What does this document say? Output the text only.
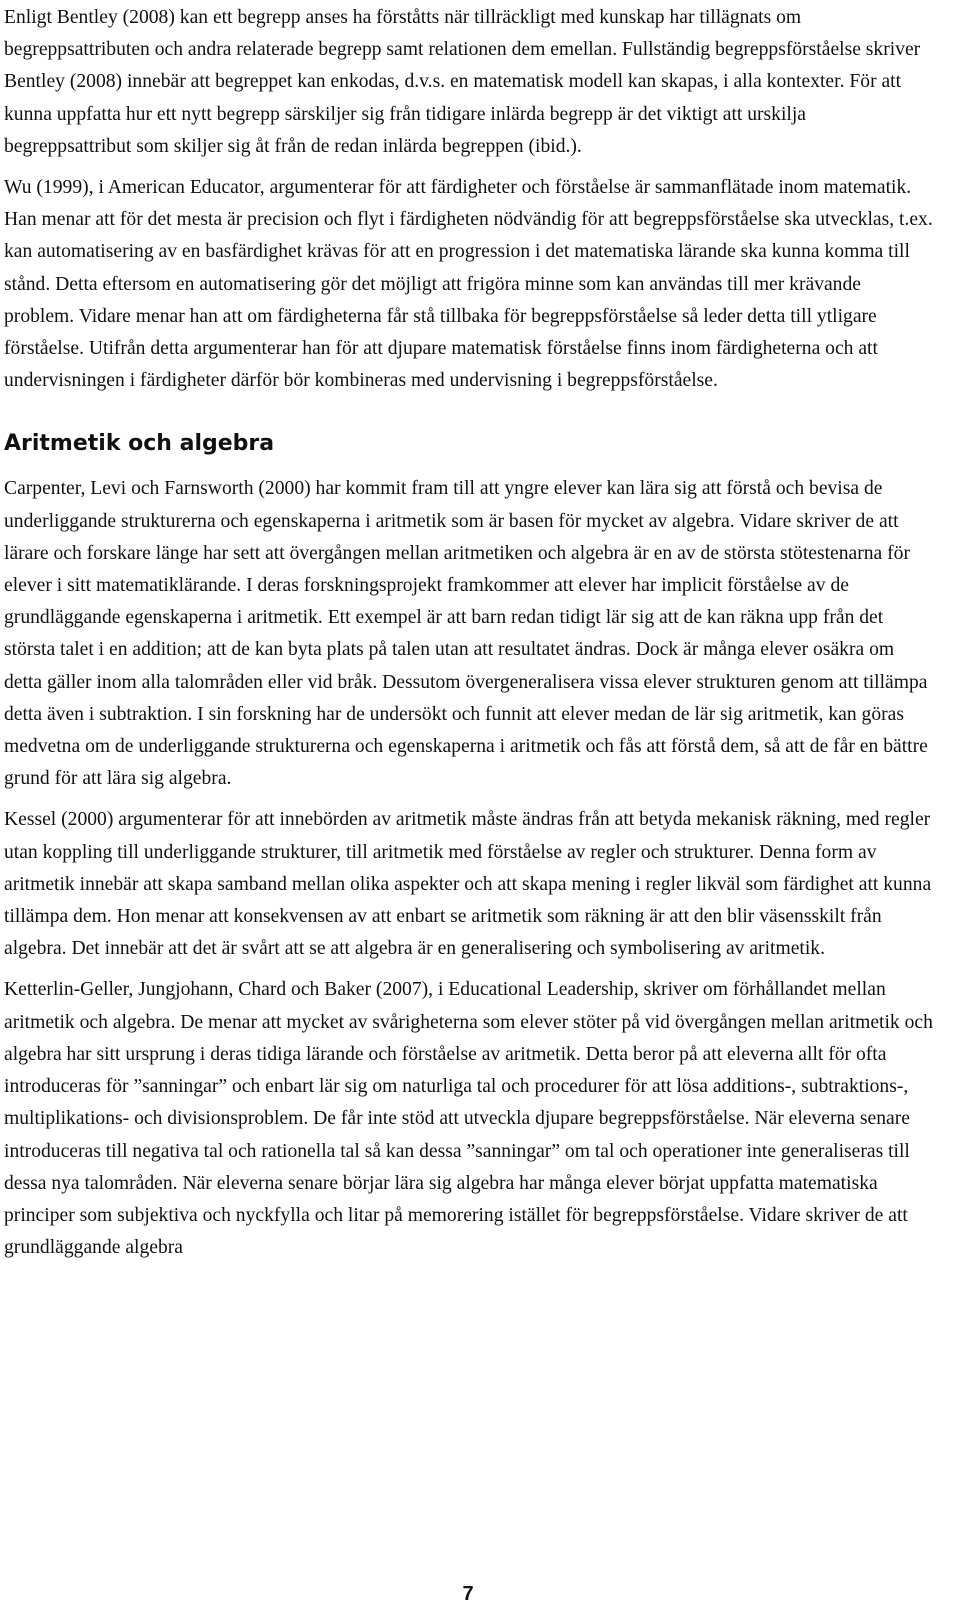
Enligt Bentley (2008) kan ett begrepp anses ha förståtts när tillräckligt med kunskap har tillägnats om begreppsattributen och andra relaterade begrepp samt relationen dem emellan. Fullständig begreppsförståelse skriver Bentley (2008) innebär att begreppet kan enkodas, d.v.s. en matematisk modell kan skapas, i alla kontexter. För att kunna uppfatta hur ett nytt begrepp särskiljer sig från tidigare inlärda begrepp är det viktigt att urskilja begreppsattribut som skiljer sig åt från de redan inlärda begreppen (ibid.).

Wu (1999), i American Educator, argumenterar för att färdigheter och förståelse är sammanflätade inom matematik. Han menar att för det mesta är precision och flyt i färdigheten nödvändig för att begreppsförståelse ska utvecklas, t.ex. kan automatisering av en basfärdighet krävas för att en progression i det matematiska lärande ska kunna komma till stånd. Detta eftersom en automatisering gör det möjligt att frigöra minne som kan användas till mer krävande problem. Vidare menar han att om färdigheterna får stå tillbaka för begreppsförståelse så leder detta till ytligare förståelse. Utifrån detta argumenterar han för att djupare matematisk förståelse finns inom färdigheterna och att undervisningen i färdigheter därför bör kombineras med undervisning i begreppsförståelse.

Aritmetik och algebra

Carpenter, Levi och Farnsworth (2000) har kommit fram till att yngre elever kan lära sig att förstå och bevisa de underliggande strukturerna och egenskaperna i aritmetik som är basen för mycket av algebra. Vidare skriver de att lärare och forskare länge har sett att övergången mellan aritmetiken och algebra är en av de största stötestenarna för elever i sitt matematiklärande. I deras forskningsprojekt framkommer att elever har implicit förståelse av de grundläggande egenskaperna i aritmetik. Ett exempel är att barn redan tidigt lär sig att de kan räkna upp från det största talet i en addition; att de kan byta plats på talen utan att resultatet ändras. Dock är många elever osäkra om detta gäller inom alla talområden eller vid bråk. Dessutom övergeneralisera vissa elever strukturen genom att tillämpa detta även i subtraktion. I sin forskning har de undersökt och funnit att elever medan de lär sig aritmetik, kan göras medvetna om de underliggande strukturerna och egenskaperna i aritmetik och fås att förstå dem, så att de får en bättre grund för att lära sig algebra.

Kessel (2000) argumenterar för att innebörden av aritmetik måste ändras från att betyda mekanisk räkning, med regler utan koppling till underliggande strukturer, till aritmetik med förståelse av regler och strukturer. Denna form av aritmetik innebär att skapa samband mellan olika aspekter och att skapa mening i regler likväl som färdighet att kunna tillämpa dem. Hon menar att konsekvensen av att enbart se aritmetik som räkning är att den blir väsensskilt från algebra. Det innebär att det är svårt att se att algebra är en generalisering och symbolisering av aritmetik.

Ketterlin-Geller, Jungjohann, Chard och Baker (2007), i Educational Leadership, skriver om förhållandet mellan aritmetik och algebra. De menar att mycket av svårigheterna som elever stöter på vid övergången mellan aritmetik och algebra har sitt ursprung i deras tidiga lärande och förståelse av aritmetik. Detta beror på att eleverna allt för ofta introduceras för ”sanningar” och enbart lär sig om naturliga tal och procedurer för att lösa additions-, subtraktions-, multiplikations- och divisionsproblem. De får inte stöd att utveckla djupare begreppsförståelse. När eleverna senare introduceras till negativa tal och rationella tal så kan dessa ”sanningar” om tal och operationer inte generaliseras till dessa nya talområden. När eleverna senare börjar lära sig algebra har många elever börjat uppfatta matematiska principer som subjektiva och nyckfylla och litar på memorering istället för begreppsförståelse. Vidare skriver de att grundläggande algebra

7
